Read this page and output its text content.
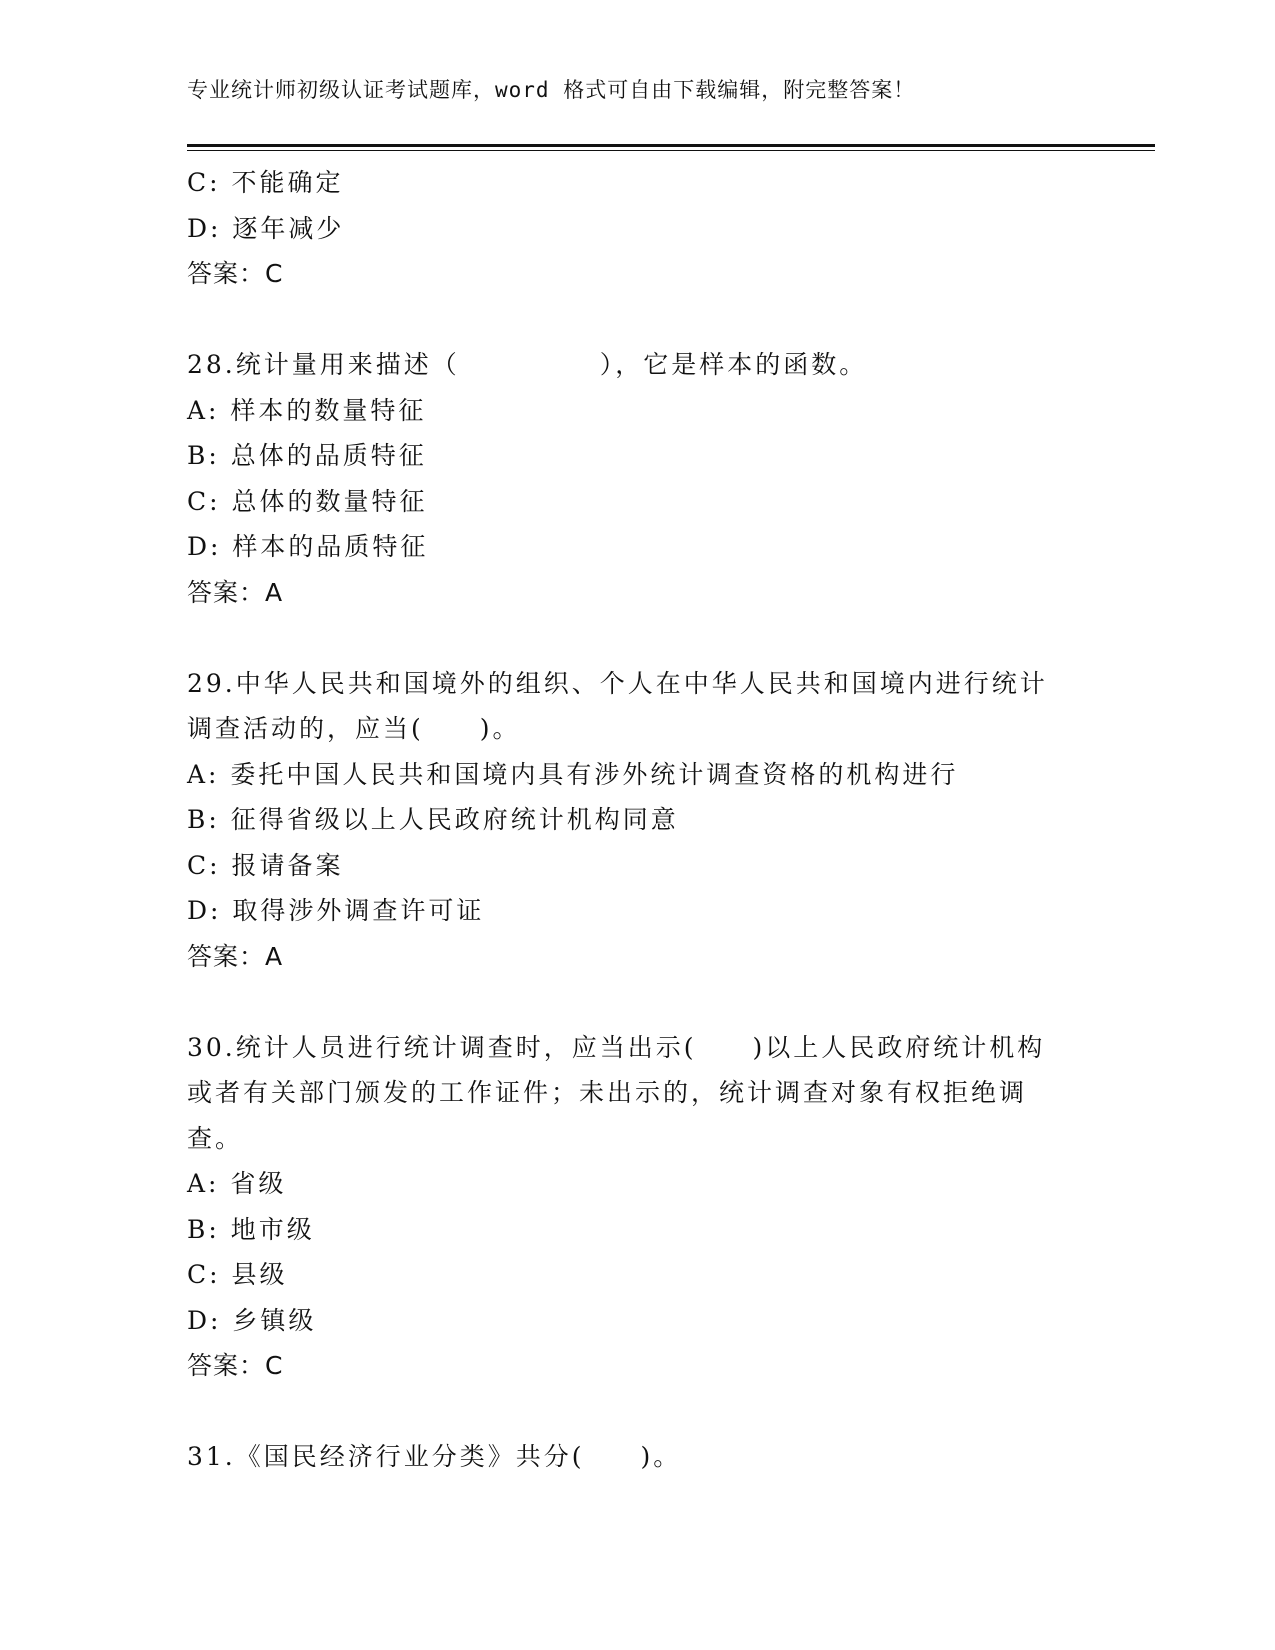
专业统计师初级认证考试题库，word 格式可自由下载编辑，附完整答案！
C: 不能确定
D: 逐年减少
答案：C
28.统计量用来描述（　　　　　），它是样本的函数。
A: 样本的数量特征
B: 总体的品质特征
C: 总体的数量特征
D: 样本的品质特征
答案：A
29.中华人民共和国境外的组织、个人在中华人民共和国境内进行统计
调查活动的，应当(　　)。
A: 委托中国人民共和国境内具有涉外统计调查资格的机构进行
B: 征得省级以上人民政府统计机构同意
C: 报请备案
D: 取得涉外调查许可证
答案：A
30.统计人员进行统计调查时，应当出示(　　)以上人民政府统计机构
或者有关部门颁发的工作证件；未出示的，统计调查对象有权拒绝调
查。
A: 省级
B: 地市级
C: 县级
D: 乡镇级
答案：C
31.《国民经济行业分类》共分(　　)。
